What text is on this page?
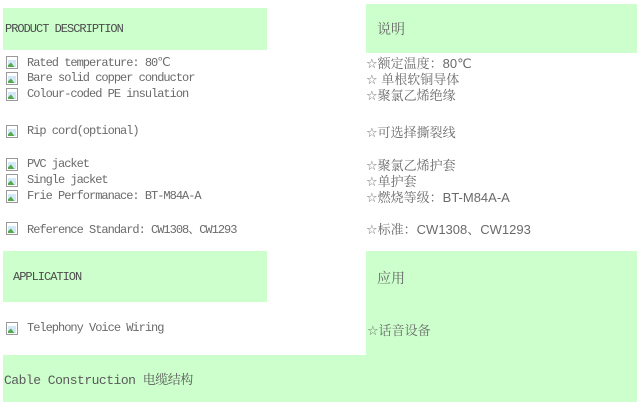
PRODUCT DESCRIPTION	说明
Rated temperature: 80℃
Bare solid copper conductor
Colour-coded PE insulation
Rip cord(optional)
PVC jacket
Single jacket
Frie Performanace: BT-M84A-A
Reference Standard: CW1308、CW1293
☆额定温度：80℃
☆ 单根软铜导体
☆聚氯乙烯绝缘
☆可选择撕裂线
☆聚氯乙烯护套
☆单护套
☆燃烧等级：BT-M84A-A
☆标准：CW1308、CW1293
APPLICATION	应用
☆话音设备
Telephony Voice Wiring
Cable Construction 电缆结构
